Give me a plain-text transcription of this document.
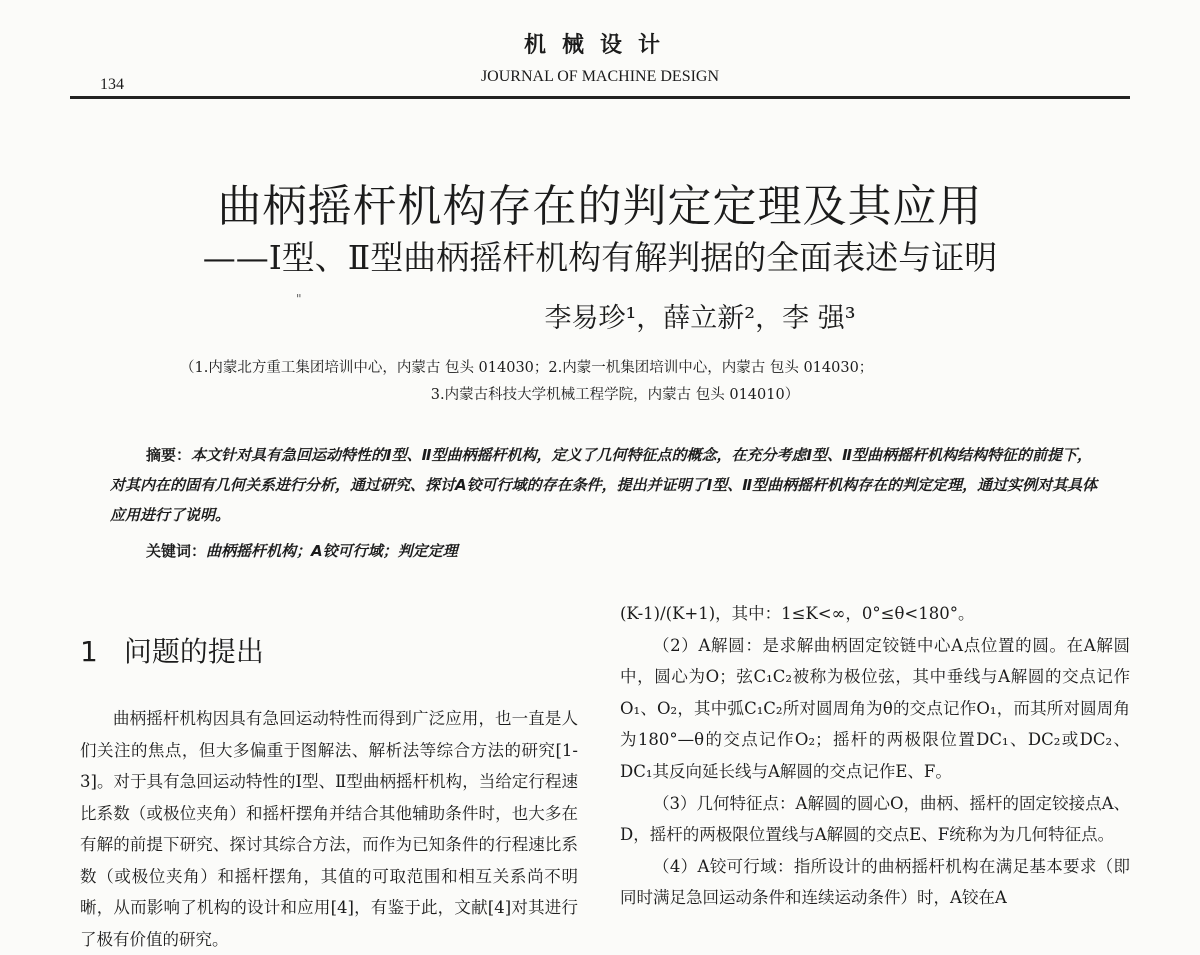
机械设计
134	JOURNAL OF MACHINE DESIGN
曲柄摇杆机构存在的判定定理及其应用
——Ⅰ型、Ⅱ型曲柄摇杆机构有解判据的全面表述与证明
"
李易珍¹，薛立新²，李 强³
（1.内蒙北方重工集团培训中心，内蒙古 包头 014030；2.内蒙一机集团培训中心，内蒙古 包头 014030；
3.内蒙古科技大学机械工程学院，内蒙古 包头 014010）
摘要：本文针对具有急回运动特性的Ⅰ型、Ⅱ型曲柄摇杆机构，定义了几何特征点的概念，在充分考虑Ⅰ型、Ⅱ型曲柄摇杆机构结构特征的前提下，对其内在的固有几何关系进行分析，通过研究、探讨A铰可行域的存在条件，提出并证明了Ⅰ型、Ⅱ型曲柄摇杆机构存在的判定定理，通过实例对其具体应用进行了说明。
关键词：曲柄摇杆机构；A铰可行域；判定定理
1 问题的提出

曲柄摇杆机构因具有急回运动特性而得到广泛应用，也一直是人们关注的焦点，但大多偏重于图解法、解析法等综合方法的研究[1-3]。对于具有急回运动特性的Ⅰ型、Ⅱ型曲柄摇杆机构，当给定行程速比系数（或极位夹角）和摇杆摆角并结合其他辅助条件时，也大多在有解的前提下研究、探讨其综合方法，而作为已知条件的行程速比系数（或极位夹角）和摇杆摆角，其值的可取范围和相互关系尚不明晰，从而影响了机构的设计和应用[4]，有鉴于此，文献[4]对其进行了极有价值的研究。

(K-1)/(K+1)，其中：1≤K<∞，0°≤θ<180°。

（2）A解圆：是求解曲柄固定铰链中心A点位置的圆。在A解圆中，圆心为O；弦C₁C₂被称为极位弦，其中垂线与A解圆的交点记作O₁、O₂，其中弧C₁C₂所对圆周角为θ的交点记作O₁，而其所对圆周角为180°—θ的交点记作O₂；摇杆的两极限位置DC₁、DC₂或DC₂、DC₁其反向延长线与A解圆的交点记作E、F。

（3）几何特征点：A解圆的圆心O，曲柄、摇杆的固定铰接点A、D，摇杆的两极限位置线与A解圆的交点E、F统称为为几何特征点。

（4）A铰可行域：指所设计的曲柄摇杆机构在满足基本要求（即同时满足急回运动条件和连续运动条件）时，A铰在A
